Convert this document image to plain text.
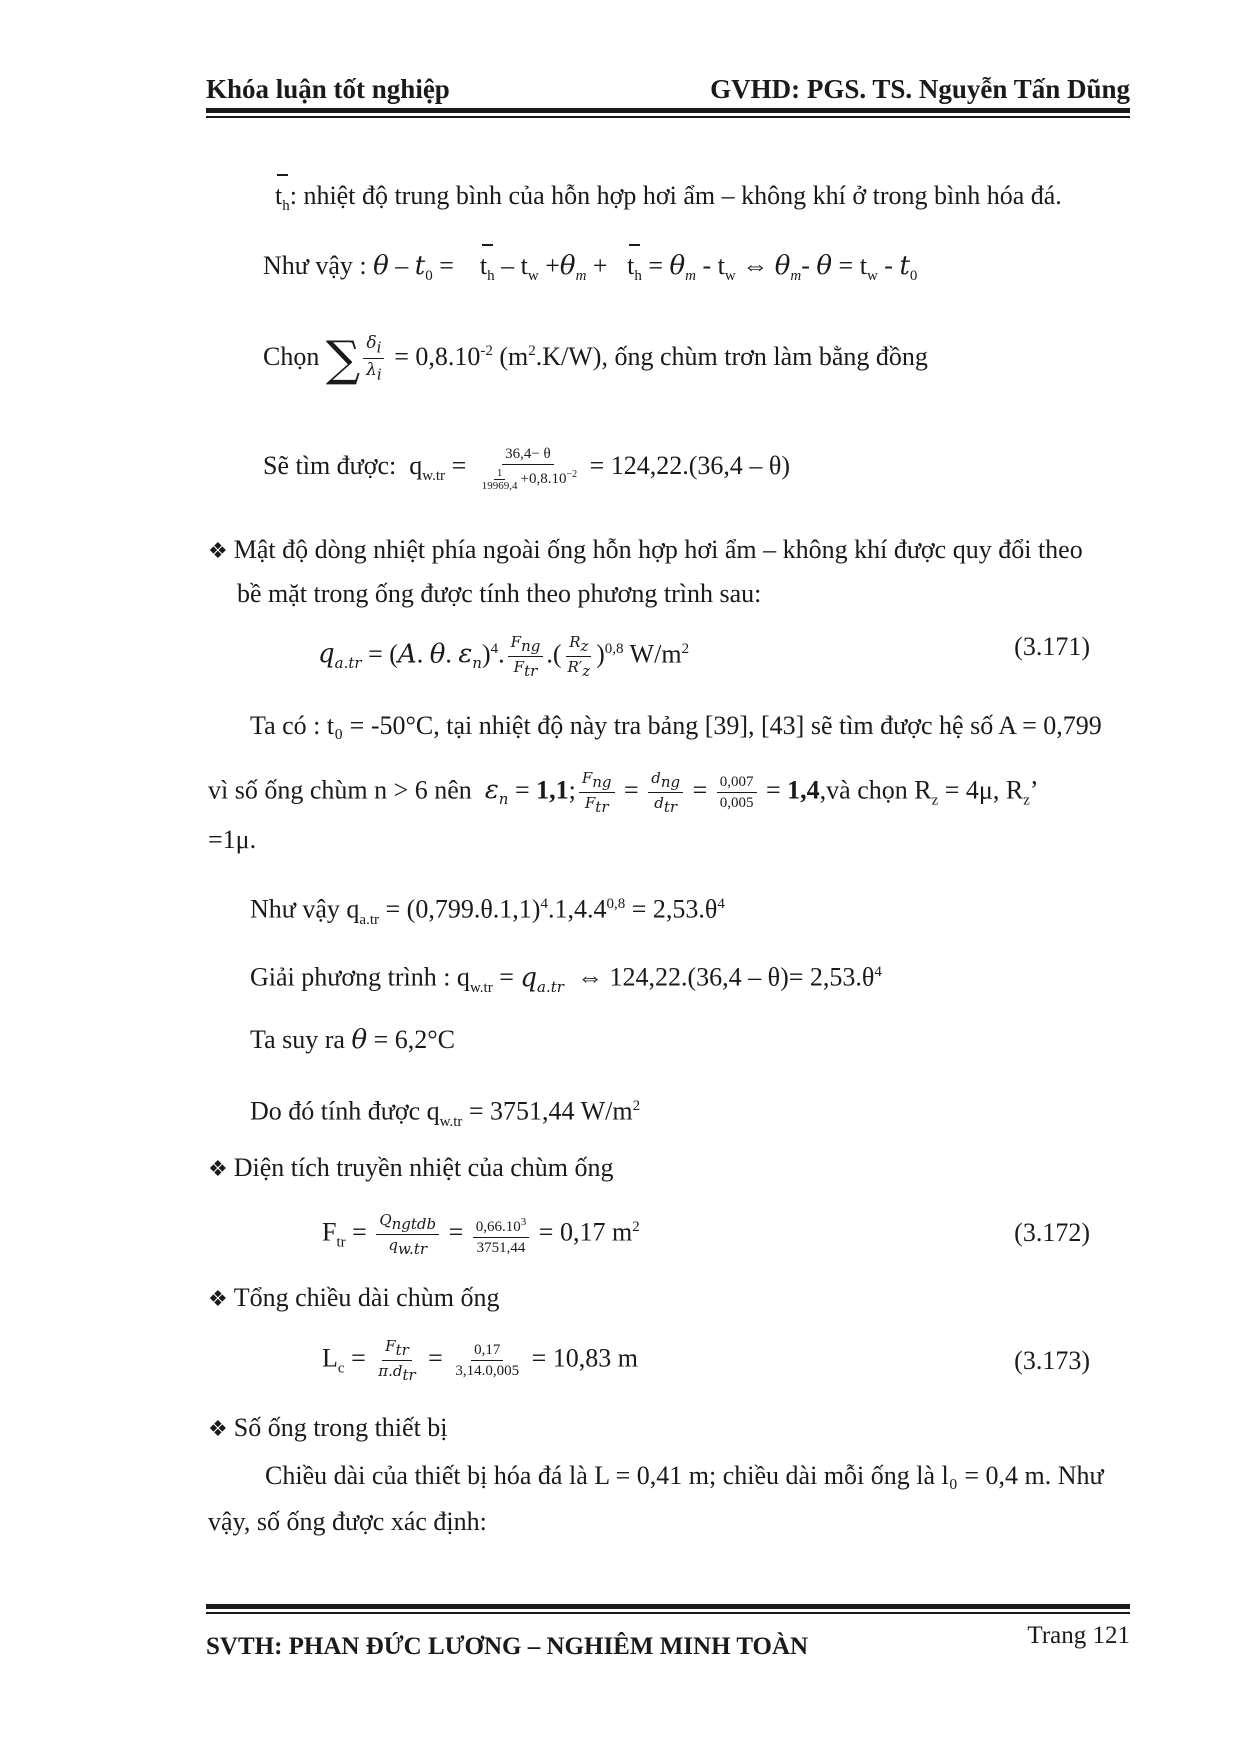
Khóa luận tốt nghiệp	GVHD: PGS. TS. Nguyễn Tấn Dũng
$t_h$: nhiệt độ trung bình của hỗn hợp hơi ẩm – không khí ở trong bình hóa đá.
Như vậy : θ – $t_0$ =    $t_h - t_w +\theta_m + t_h = \theta_m - t_w$ ⇔ $\theta_m-$ $\theta = t_w - t_0$
Chọn ∑ $\frac{\delta_i}{\lambda_i} = 0,8.10^{-2}$ $(m^2.K/W)$, ống chùm trơn làm bằng đồng
Sẽ tìm được:  $q_{w.tr} = \frac{36,4- \theta}{\frac{1}{19969,4} +0,8.10^{-2}} = 124,22.(36,4 - \theta)$
❖ Mật độ dòng nhiệt phía ngoài ống hỗn hợp hơi ẩm – không khí được quy đổi theo
bề mặt trong ống được tính theo phương trình sau:
$q_{a.tr} = (A$. θ. $\varepsilon_n)^4$. $\frac{F_{ng}}{F_{tr}}$ .( $\frac{R_z}{R'_z} )^{0,8}$ $W/m^2$	(3.171)
Ta có : t₀ = -50°C, tại nhiệt độ này tra bảng [39], [43] sẽ tìm được hệ số A = 0,799
vì số ống chùm n > 6 nên $\varepsilon_n = 1,1$; $\frac{F_{ng}}{F_{tr}} = \frac{d_{ng}}{d_{tr}} = \frac{0,007}{0,005}$ = 1,4,và chọn $R_z = 4\mu$, $R_z$’
=1μ.
Như vậy $q_{a.tr} = (0,799.\theta.1,1)^4.1,4.4^{0,8} = 2,53.\theta^4$
Giải phương trình : $q_{w.tr} = q_{a.tr}$ ⇔ $124,22.(36,4 - \theta)= 2,53.\theta^4$
Ta suy ra θ = 6,2°C
Do đó tính được $q_{w.tr} = 3751,44$ $W/m^2$
❖ Diện tích truyền nhiệt của chùm ống
$F_{tr} = \frac{Q_{ngtdb}}{q_{w.tr}} = \frac{0,66.10^3}{3751,44} = 0,17$ $m^2$	(3.172)
❖ Tổng chiều dài chùm ống
$L_c = \frac{F_{tr}}{\pi.d_{tr}} = \frac{0,17}{3,14.0,005} = 10,83$ m	(3.173)
❖ Số ống trong thiết bị
Chiều dài của thiết bị hóa đá là L = 0,41 m; chiều dài mỗi ống là l₀ = 0,4 m. Như
vậy, số ống được xác định:
SVTH: PHAN ĐỨC LƯƠNG – NGHIÊM MINH TOÀN	Trang 121
